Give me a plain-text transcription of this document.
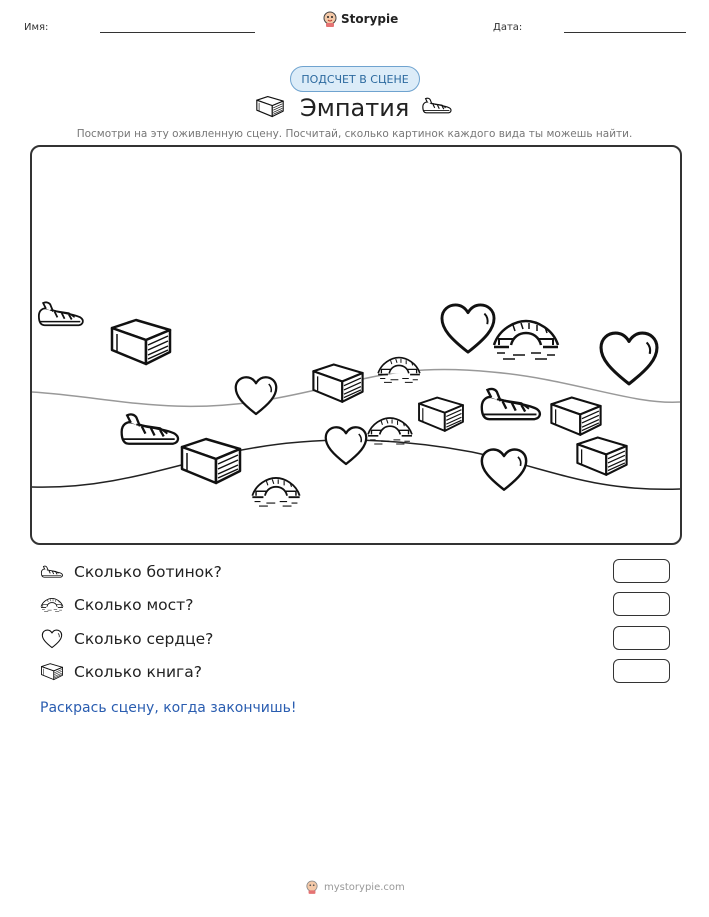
Имя:
Storypie
Дата:
ПОДСЧЕТ В СЦЕНЕ
Эмпатия
Посмотри на эту оживленную сцену. Посчитай, сколько картинок каждого вида ты можешь найти.
Сколько ботинок?
Сколько мост?
Сколько сердце?
Сколько книга?
Раскрась сцену, когда закончишь!
mystorypie.com
